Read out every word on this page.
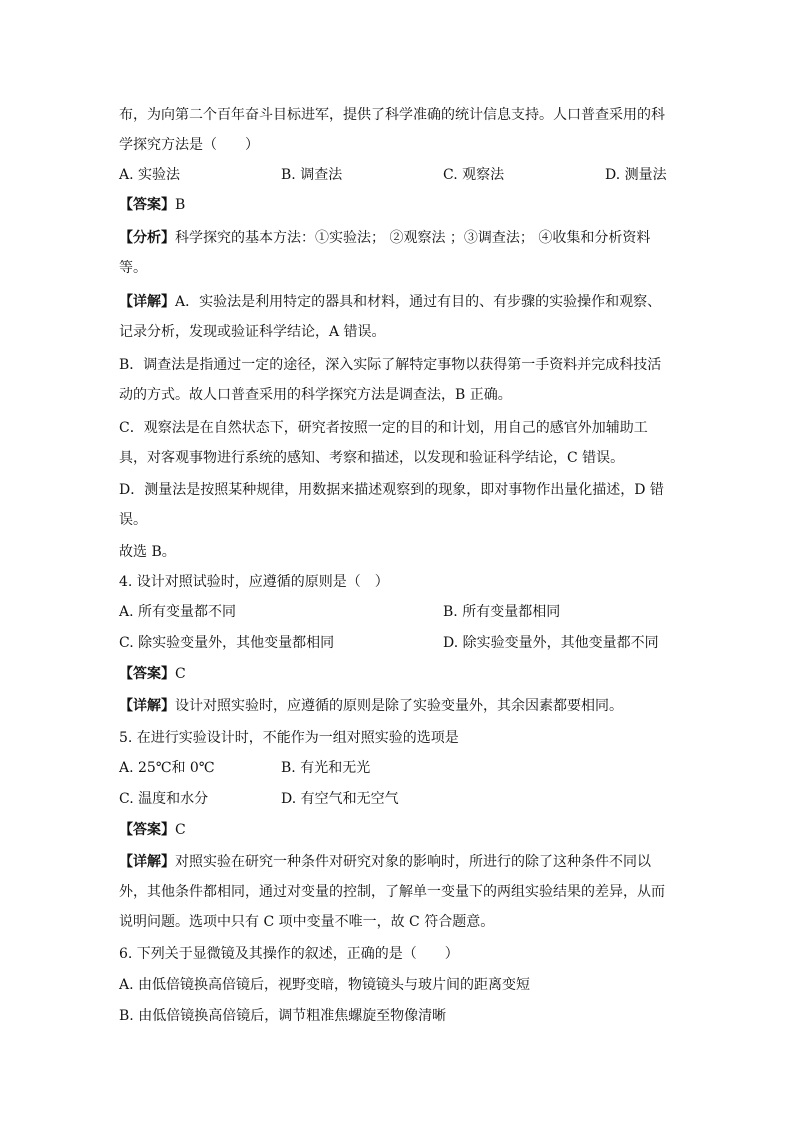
布，为向第二个百年奋斗目标进军，提供了科学准确的统计信息支持。人口普查采用的科
学探究方法是（　　）
A. 实验法	B. 调查法	C. 观察法	D. 测量法
【答案】B
【分析】科学探究的基本方法：①实验法； ②观察法 ；③调查法； ④收集和分析资料
等。
【详解】A．实验法是利用特定的器具和材料，通过有目的、有步骤的实验操作和观察、
记录分析，发现或验证科学结论，A 错误。
B．调查法是指通过一定的途径，深入实际了解特定事物以获得第一手资料并完成科技活
动的方式。故人口普查采用的科学探究方法是调查法，B 正确。
C．观察法是在自然状态下，研究者按照一定的目的和计划，用自己的感官外加辅助工
具，对客观事物进行系统的感知、考察和描述，以发现和验证科学结论，C 错误。
D．测量法是按照某种规律，用数据来描述观察到的现象，即对事物作出量化描述，D 错
误。
故选 B。
4. 设计对照试验时，应遵循的原则是（　）
A. 所有变量都不同	B. 所有变量都相同
C. 除实验变量外，其他变量都相同	D. 除实验变量外，其他变量都不同
【答案】C
【详解】设计对照实验时，应遵循的原则是除了实验变量外，其余因素都要相同。
5. 在进行实验设计时，不能作为一组对照实验的选项是
A. 25℃和 0℃	B. 有光和无光
C. 温度和水分	D. 有空气和无空气
【答案】C
【详解】对照实验在研究一种条件对研究对象的影响时，所进行的除了这种条件不同以
外，其他条件都相同，通过对变量的控制，了解单一变量下的两组实验结果的差异，从而
说明问题。选项中只有 C 项中变量不唯一，故 C 符合题意。
6. 下列关于显微镜及其操作的叙述，正确的是（　　）
A. 由低倍镜换高倍镜后，视野变暗，物镜镜头与玻片间的距离变短
B. 由低倍镜换高倍镜后，调节粗准焦螺旋至物像清晰
